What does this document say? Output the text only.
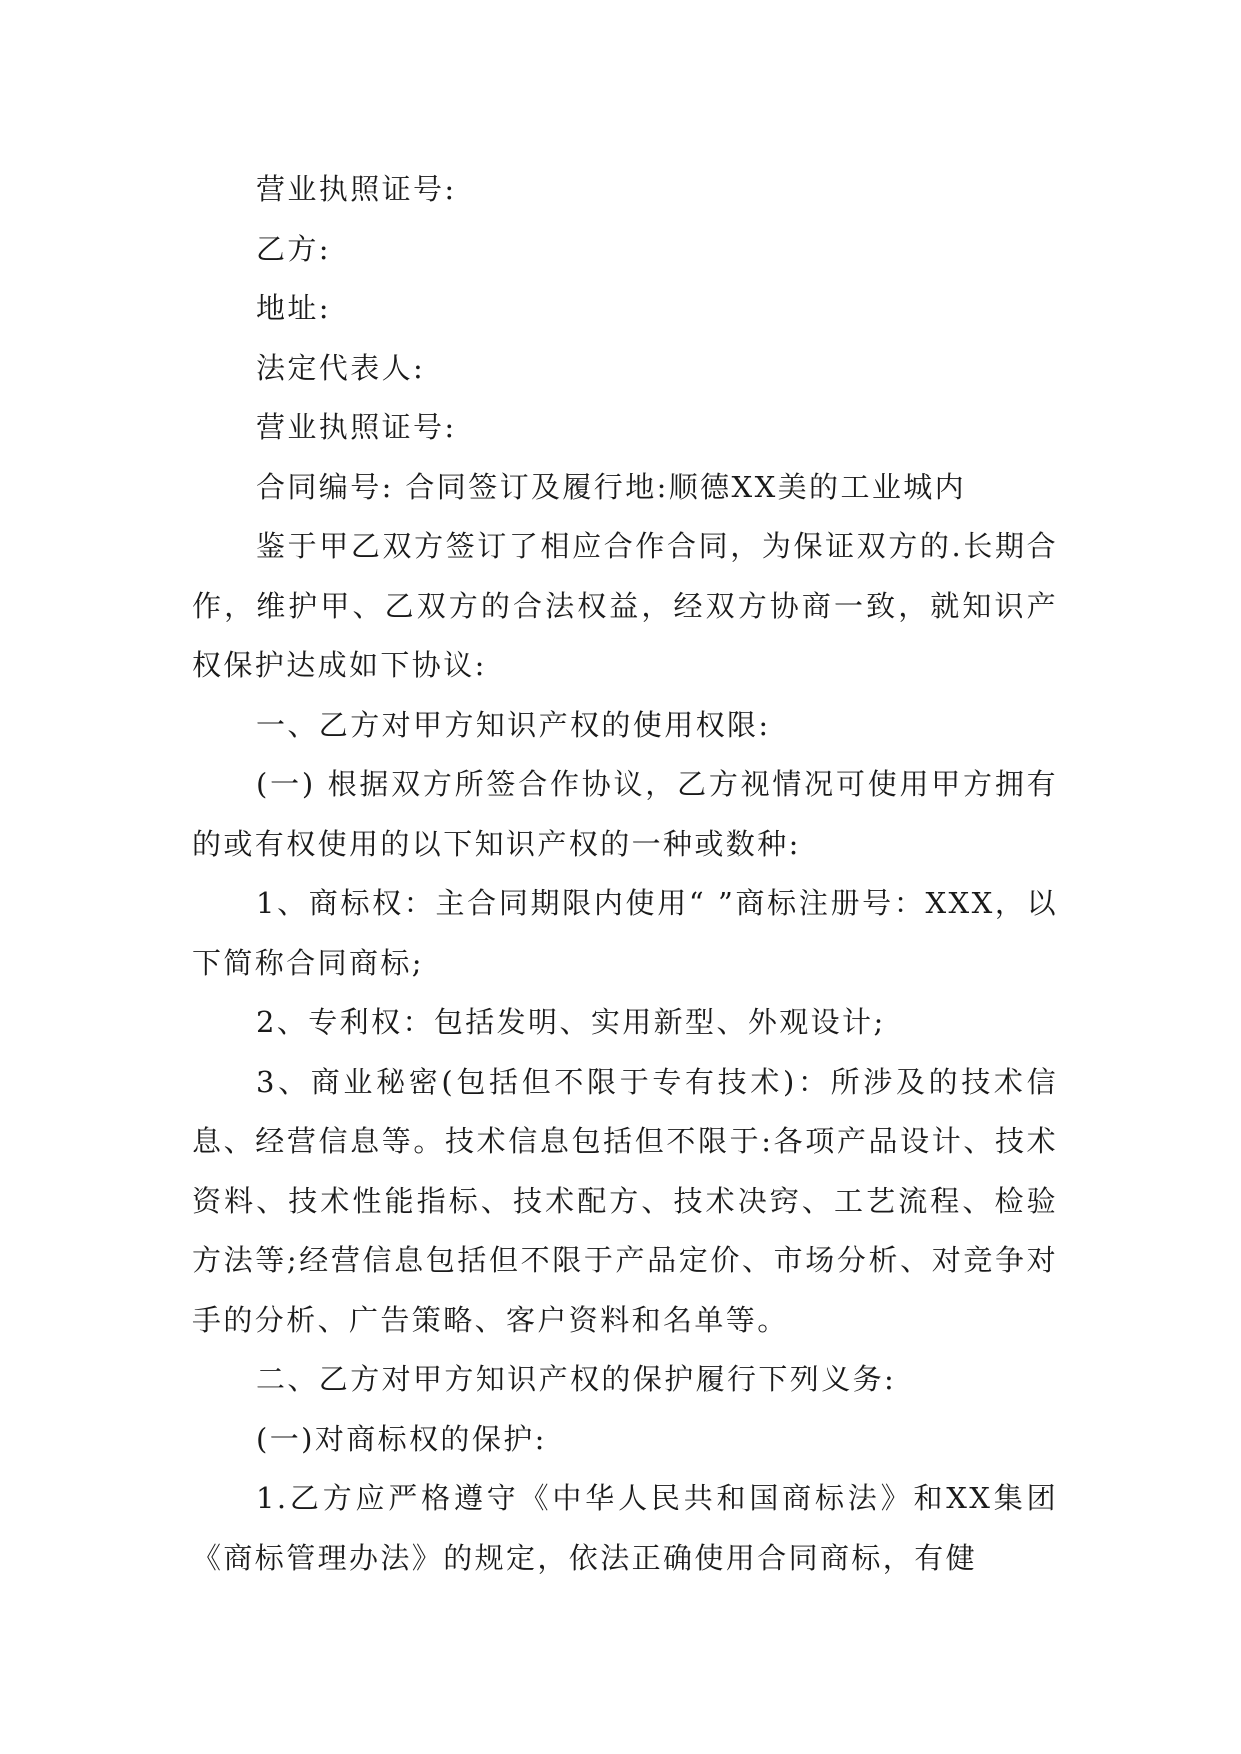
营业执照证号:

乙方:

地址:

法定代表人:

营业执照证号:

合同编号: 合同签订及履行地:顺德XX美的工业城内

鉴于甲乙双方签订了相应合作合同，为保证双方的.长期合作，维护甲、乙双方的合法权益，经双方协商一致，就知识产权保护达成如下协议:

一、乙方对甲方知识产权的使用权限:

(一) 根据双方所签合作协议，乙方视情况可使用甲方拥有的或有权使用的以下知识产权的一种或数种:

1、商标权：主合同期限内使用“ ”商标注册号：XXX，以下简称合同商标;

2、专利权：包括发明、实用新型、外观设计;

3、商业秘密(包括但不限于专有技术)：所涉及的技术信息、经营信息等。技术信息包括但不限于:各项产品设计、技术资料、技术性能指标、技术配方、技术决窍、工艺流程、检验方法等;经营信息包括但不限于产品定价、市场分析、对竞争对手的分析、广告策略、客户资料和名单等。

二、乙方对甲方知识产权的保护履行下列义务:

(一)对商标权的保护:

1.乙方应严格遵守《中华人民共和国商标法》和XX集团《商标管理办法》的规定，依法正确使用合同商标，有健
